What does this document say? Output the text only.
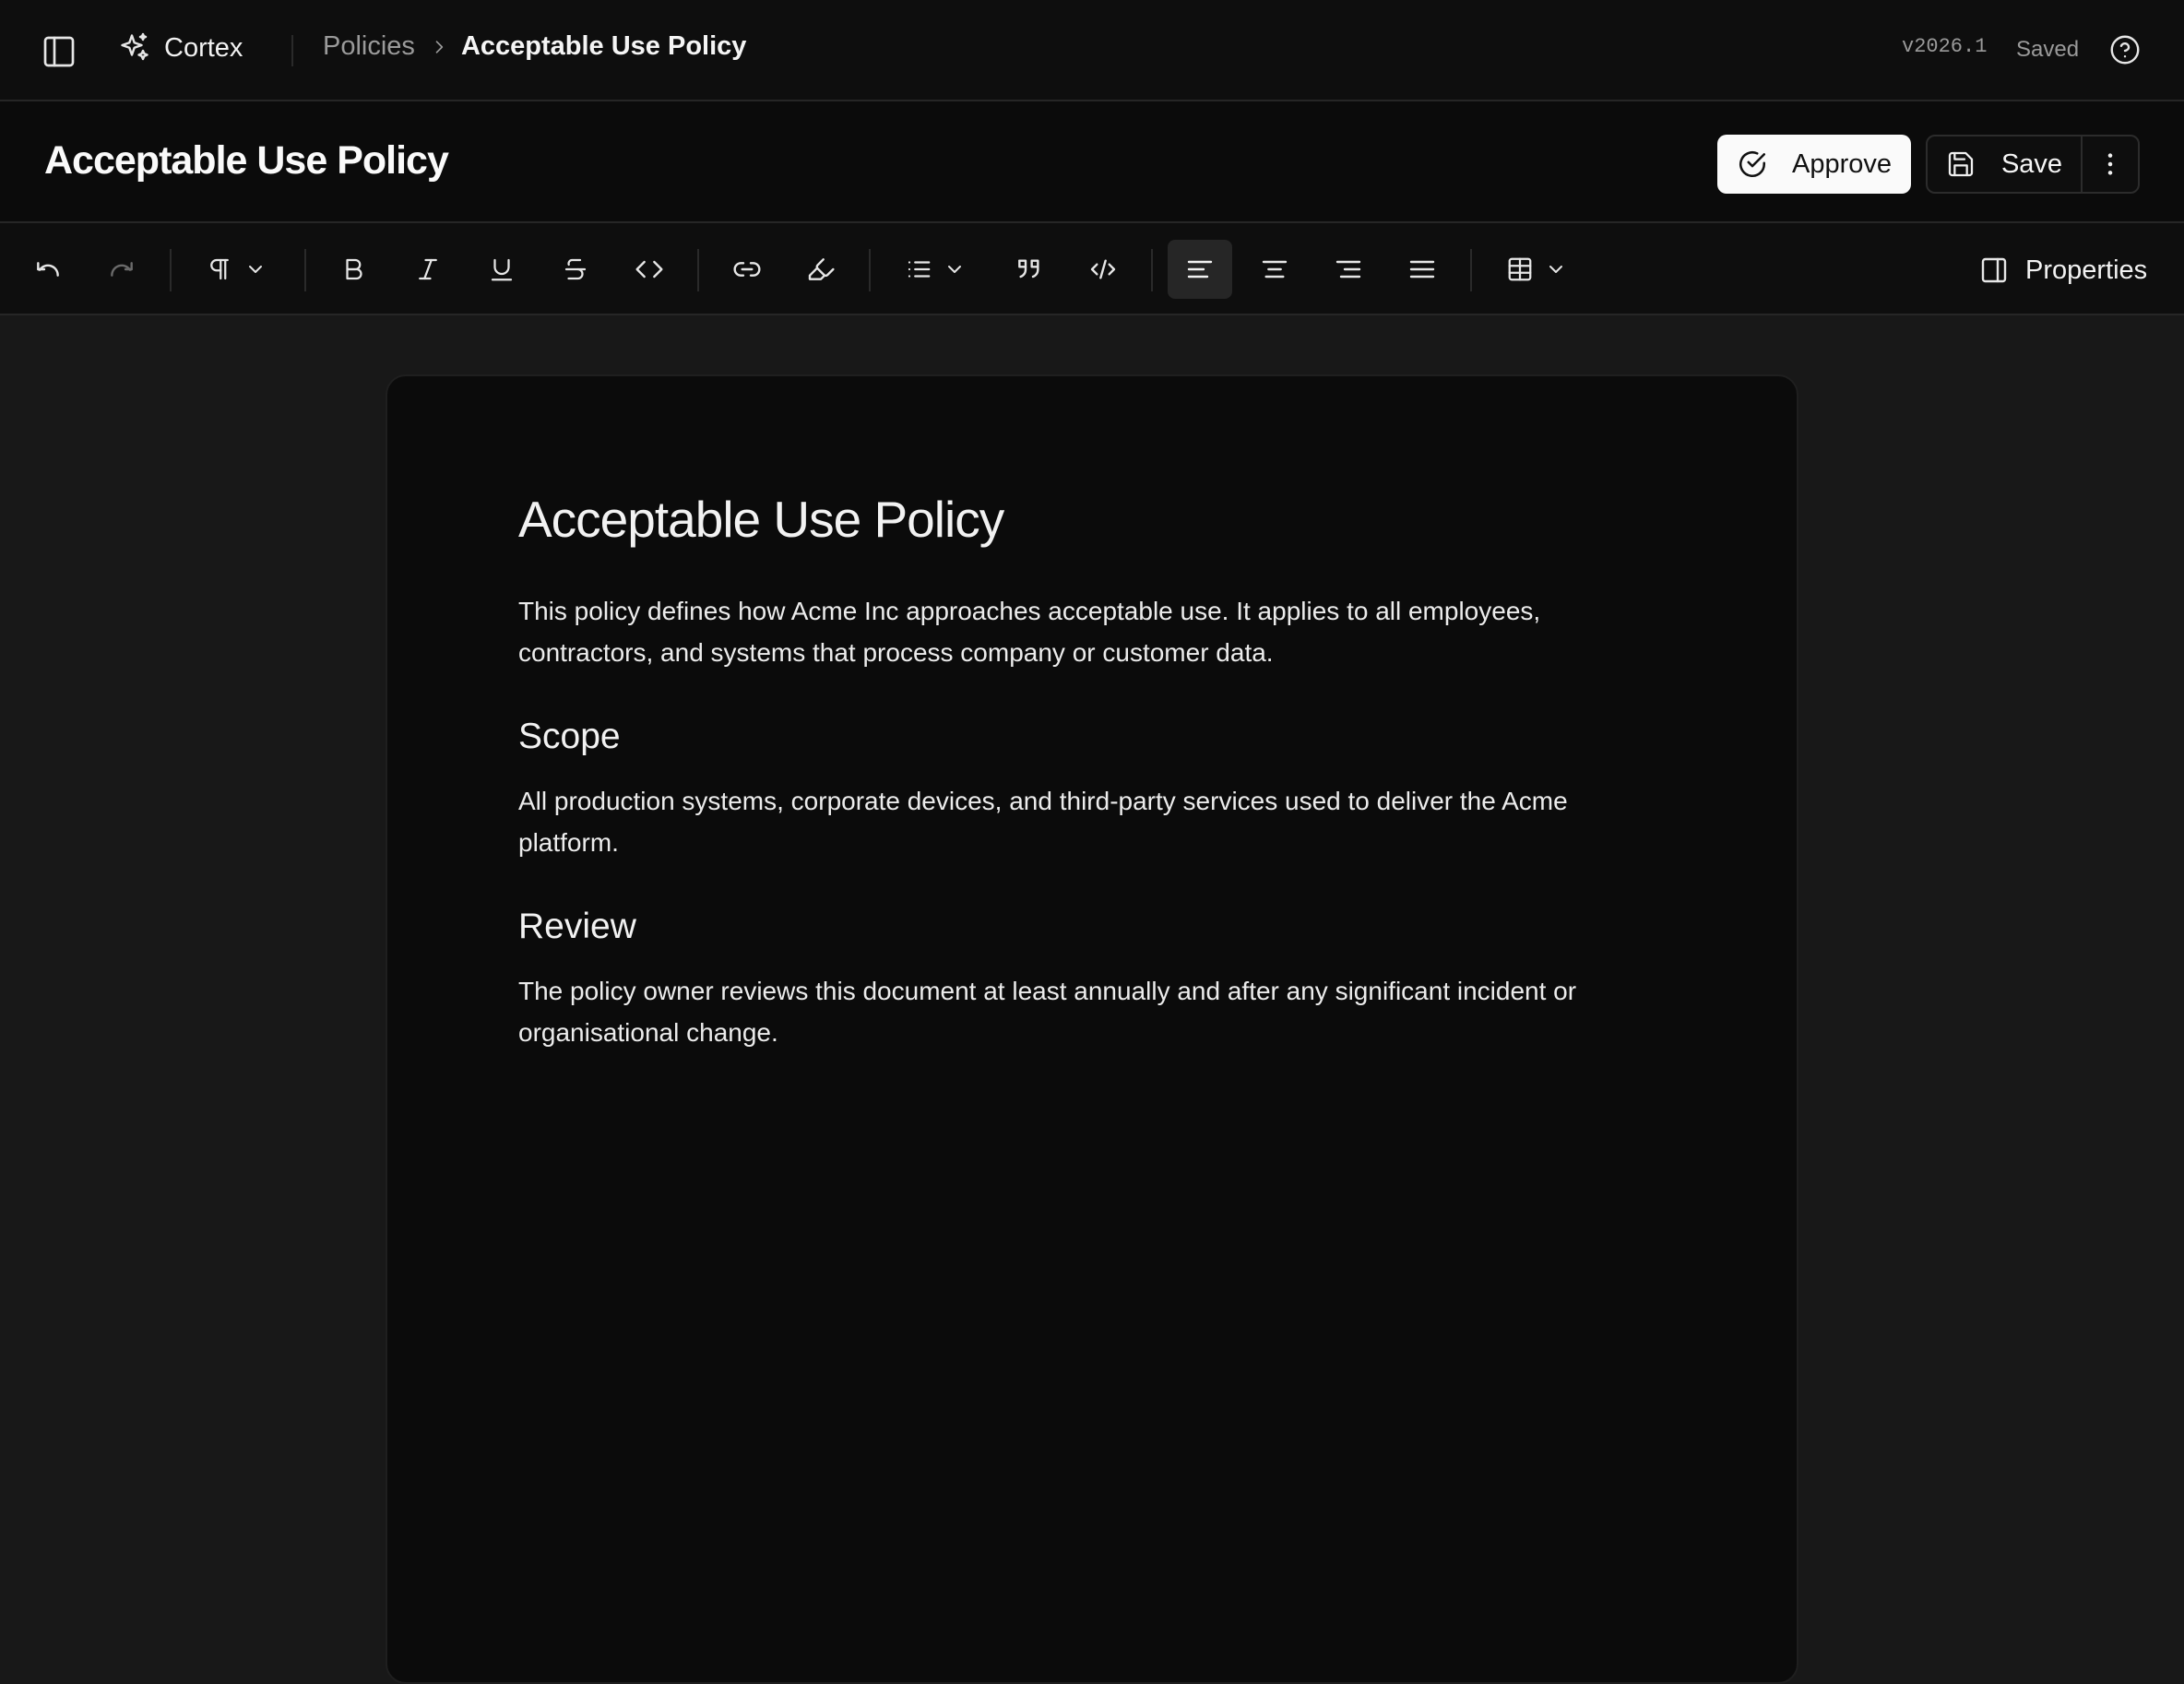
Cortex	Policies Acceptable Use Policy	v2026.1 Saved
Acceptable Use Policy	Approve	Save
Properties
Acceptable Use Policy

This policy defines how Acme Inc approaches acceptable use. It applies to all employees, contractors, and systems that process company or customer data.

Scope

All production systems, corporate devices, and third-party services used to deliver the Acme platform.

Review

The policy owner reviews this document at least annually and after any significant incident or organisational change.
